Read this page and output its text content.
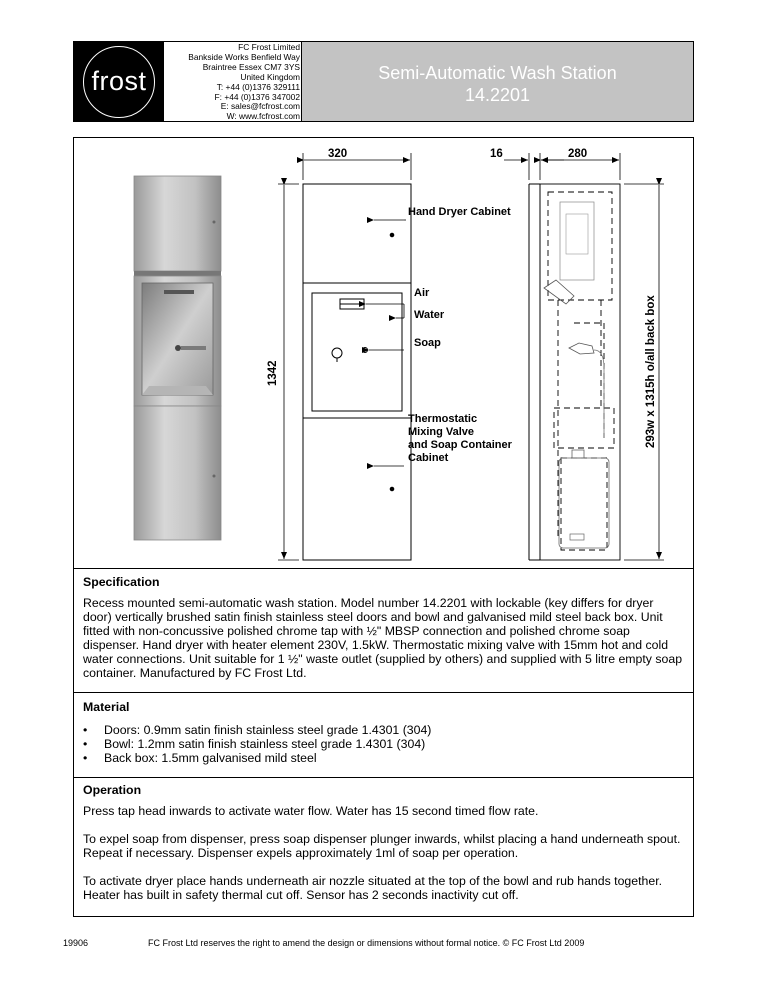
frost
FC Frost Limited
Bankside Works Benfield Way
Braintree Essex CM7 3YS
United Kingdom
T: +44 (0)1376 329111
F: +44 (0)1376 347002
E: sales@fcfrost.com
W: www.fcfrost.com
Semi-Automatic Wash Station
14.2201
320
1342
Hand Dryer Cabinet
Air
Water
Soap
Thermostatic
Mixing Valve
and Soap Container
Cabinet
16	280
293w x 1315h o/all back box
Specification

Recess mounted semi-automatic wash station. Model number 14.2201 with lockable (key differs for dryer door) vertically brushed satin finish stainless steel doors and bowl and galvanised mild steel back box. Unit fitted with non-concussive polished chrome tap with ½" MBSP connection and polished chrome soap dispenser. Hand dryer with heater element 230V, 1.5kW. Thermostatic mixing valve with 15mm hot and cold water connections. Unit suitable for 1 ½" waste outlet (supplied by others) and supplied with 5 litre empty soap container. Manufactured by FC Frost Ltd.

Material
• Doors: 0.9mm satin finish stainless steel grade 1.4301 (304)
• Bowl: 1.2mm satin finish stainless steel grade 1.4301 (304)
• Back box: 1.5mm galvanised mild steel
Operation

Press tap head inwards to activate water flow. Water has 15 second timed flow rate.

To expel soap from dispenser, press soap dispenser plunger inwards, whilst placing a hand underneath spout. Repeat if necessary. Dispenser expels approximately 1ml of soap per operation.

To activate dryer place hands underneath air nozzle situated at the top of the bowl and rub hands together. Heater has built in safety thermal cut off. Sensor has 2 seconds inactivity cut off.

19906	FC Frost Ltd reserves the right to amend the design or dimensions without formal notice. © FC Frost Ltd 2009
